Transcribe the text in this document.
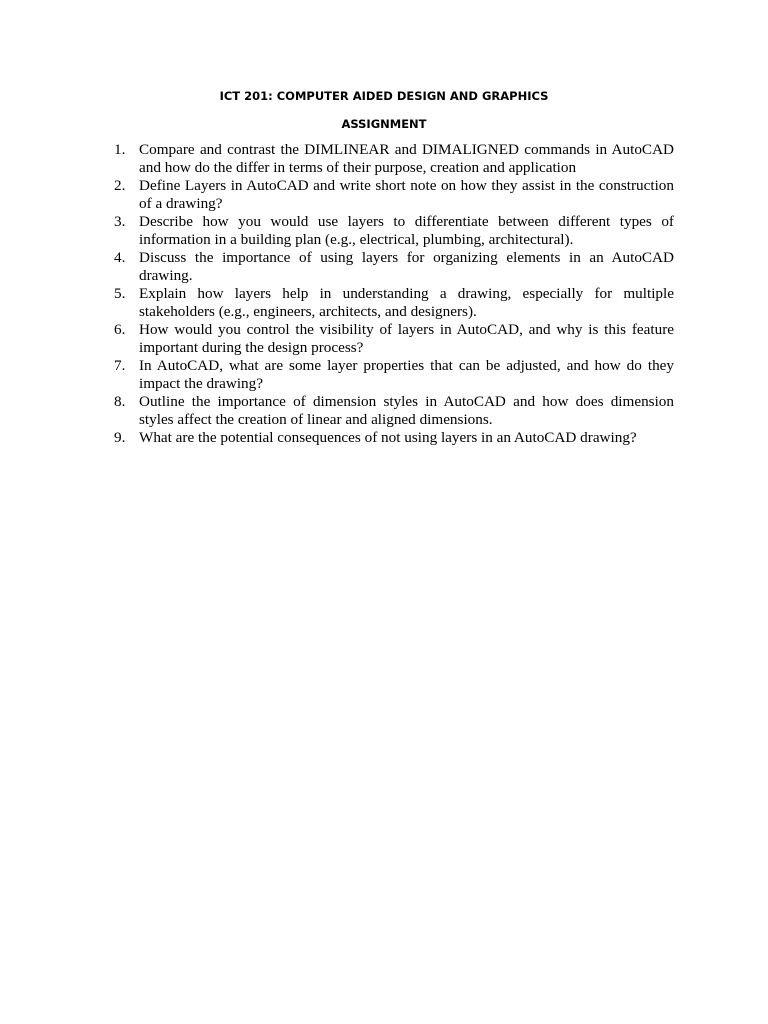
ICT 201: COMPUTER AIDED DESIGN AND GRAPHICS
ASSIGNMENT
1. Compare and contrast the DIMLINEAR and DIMALIGNED commands in AutoCAD and how do the differ in terms of their purpose, creation and application
2. Define Layers in AutoCAD and write short note on how they assist in the construction of a drawing?
3. Describe how you would use layers to differentiate between different types of information in a building plan (e.g., electrical, plumbing, architectural).
4. Discuss the importance of using layers for organizing elements in an AutoCAD drawing.
5. Explain how layers help in understanding a drawing, especially for multiple stakeholders (e.g., engineers, architects, and designers).
6. How would you control the visibility of layers in AutoCAD, and why is this feature important during the design process?
7. In AutoCAD, what are some layer properties that can be adjusted, and how do they impact the drawing?
8. Outline the importance of dimension styles in AutoCAD and how does dimension styles affect the creation of linear and aligned dimensions.
9. What are the potential consequences of not using layers in an AutoCAD drawing?
